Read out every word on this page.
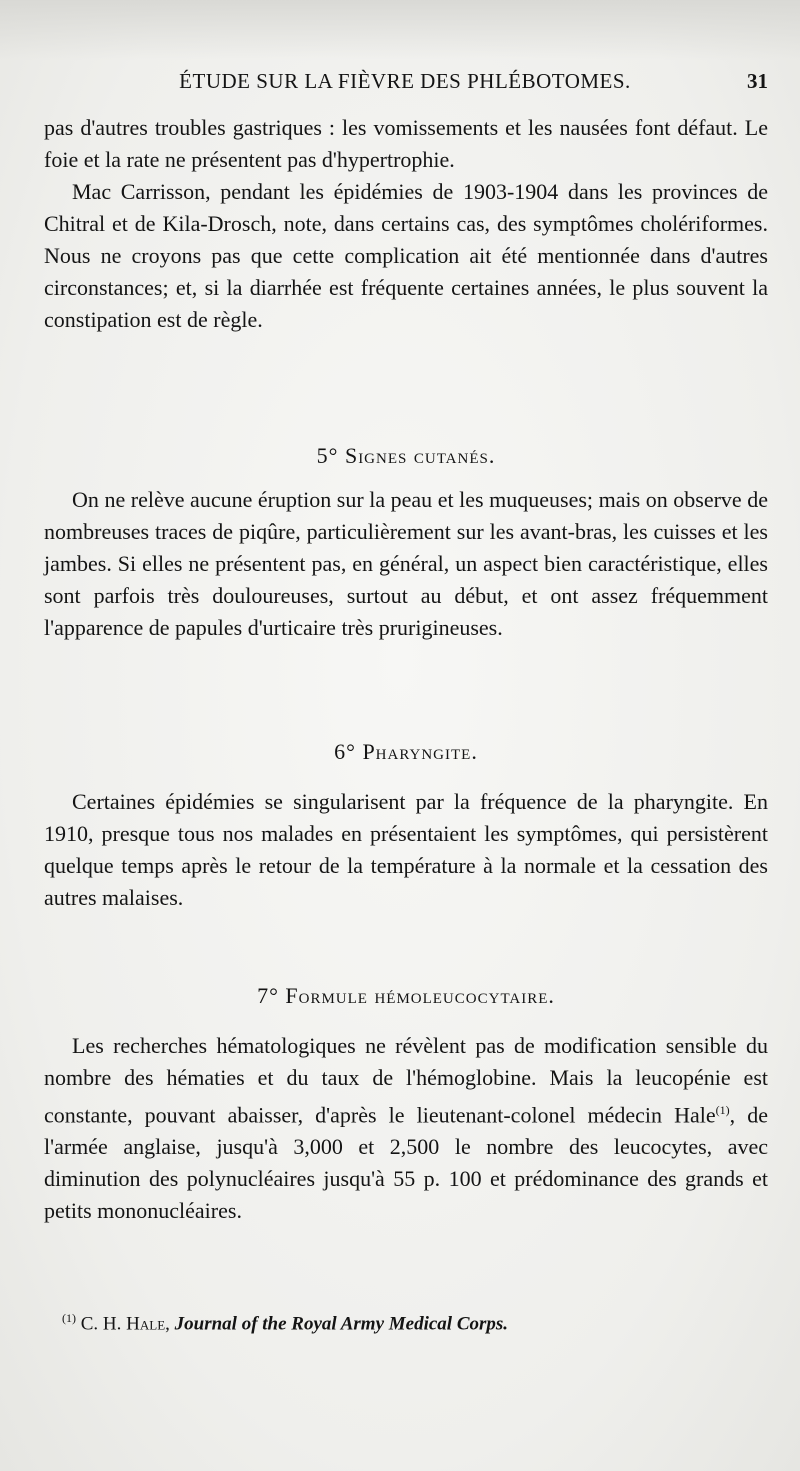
ÉTUDE SUR LA FIÈVRE DES PHLÉBOTOMES.	31

pas d'autres troubles gastriques : les vomissements et les nausées font défaut. Le foie et la rate ne présentent pas d'hypertrophie.

Mac Carrisson, pendant les épidémies de 1903-1904 dans les provinces de Chitral et de Kila-Drosch, note, dans certains cas, des symptômes cholériformes. Nous ne croyons pas que cette complication ait été mentionnée dans d'autres circonstances; et, si la diarrhée est fréquente certaines années, le plus souvent la constipation est de règle.

5° Signes cutanés.

On ne relève aucune éruption sur la peau et les muqueuses; mais on observe de nombreuses traces de piqûre, particulièrement sur les avant-bras, les cuisses et les jambes. Si elles ne présentent pas, en général, un aspect bien caractéristique, elles sont parfois très douloureuses, surtout au début, et ont assez fréquemment l'apparence de papules d'urticaire très prurigineuses.

6° Pharyngite.

Certaines épidémies se singularisent par la fréquence de la pharyngite. En 1910, presque tous nos malades en présentaient les symptômes, qui persistèrent quelque temps après le retour de la température à la normale et la cessation des autres malaises.

7° Formule hémoleucocytaire.

Les recherches hématologiques ne révèlent pas de modification sensible du nombre des hématies et du taux de l'hémoglobine. Mais la leucopénie est constante, pouvant abaisser, d'après le lieutenant-colonel médecin Hale$^{(1)}$, de l'armée anglaise, jusqu'à 3,000 et 2,500 le nombre des leucocytes, avec diminution des polynucléaires jusqu'à 55 p. 100 et prédominance des grands et petits mononucléaires.

$^{(1)}$ C. H. Hale, Journal of the Royal Army Medical Corps.
